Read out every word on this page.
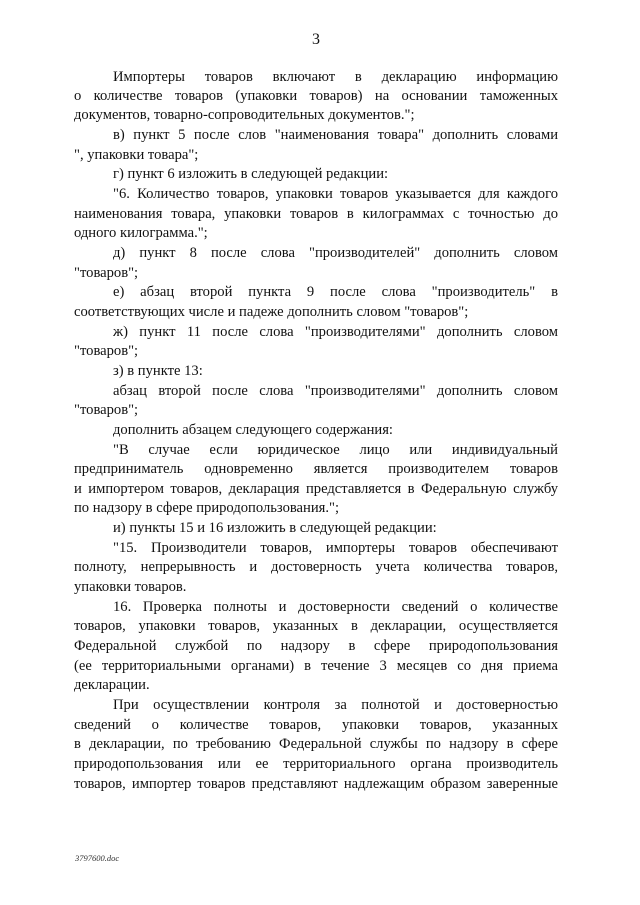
3
Импортеры товаров включают в декларацию информацию
о количестве товаров (упаковки товаров) на основании таможенных
документов, товарно-сопроводительных документов.";
в) пункт 5 после слов "наименования товара" дополнить словами
", упаковки товара";
г) пункт 6 изложить в следующей редакции:
"6. Количество товаров, упаковки товаров указывается для каждого
наименования товара, упаковки товаров в килограммах с точностью до
одного килограмма.";
д) пункт 8 после слова "производителей" дополнить словом
"товаров";
е) абзац второй пункта 9 после слова "производитель" в
соответствующих числе и падеже дополнить словом "товаров";
ж) пункт 11 после слова "производителями" дополнить словом
"товаров";
з) в пункте 13:
абзац второй после слова "производителями" дополнить словом
"товаров";
дополнить абзацем следующего содержания:
"В случае если юридическое лицо или индивидуальный
предприниматель одновременно является производителем товаров
и импортером товаров, декларация представляется в Федеральную службу
по надзору в сфере природопользования.";
и) пункты 15 и 16 изложить в следующей редакции:
"15. Производители товаров, импортеры товаров обеспечивают
полноту, непрерывность и достоверность учета количества товаров,
упаковки товаров.
16. Проверка полноты и достоверности сведений о количестве
товаров, упаковки товаров, указанных в декларации, осуществляется
Федеральной службой по надзору в сфере природопользования
(ее территориальными органами) в течение 3 месяцев со дня приема
декларации.
При осуществлении контроля за полнотой и достоверностью
сведений о количестве товаров, упаковки товаров, указанных
в декларации, по требованию Федеральной службы по надзору в сфере
природопользования или ее территориального органа производитель
товаров, импортер товаров представляют надлежащим образом заверенные
3797600.doc
